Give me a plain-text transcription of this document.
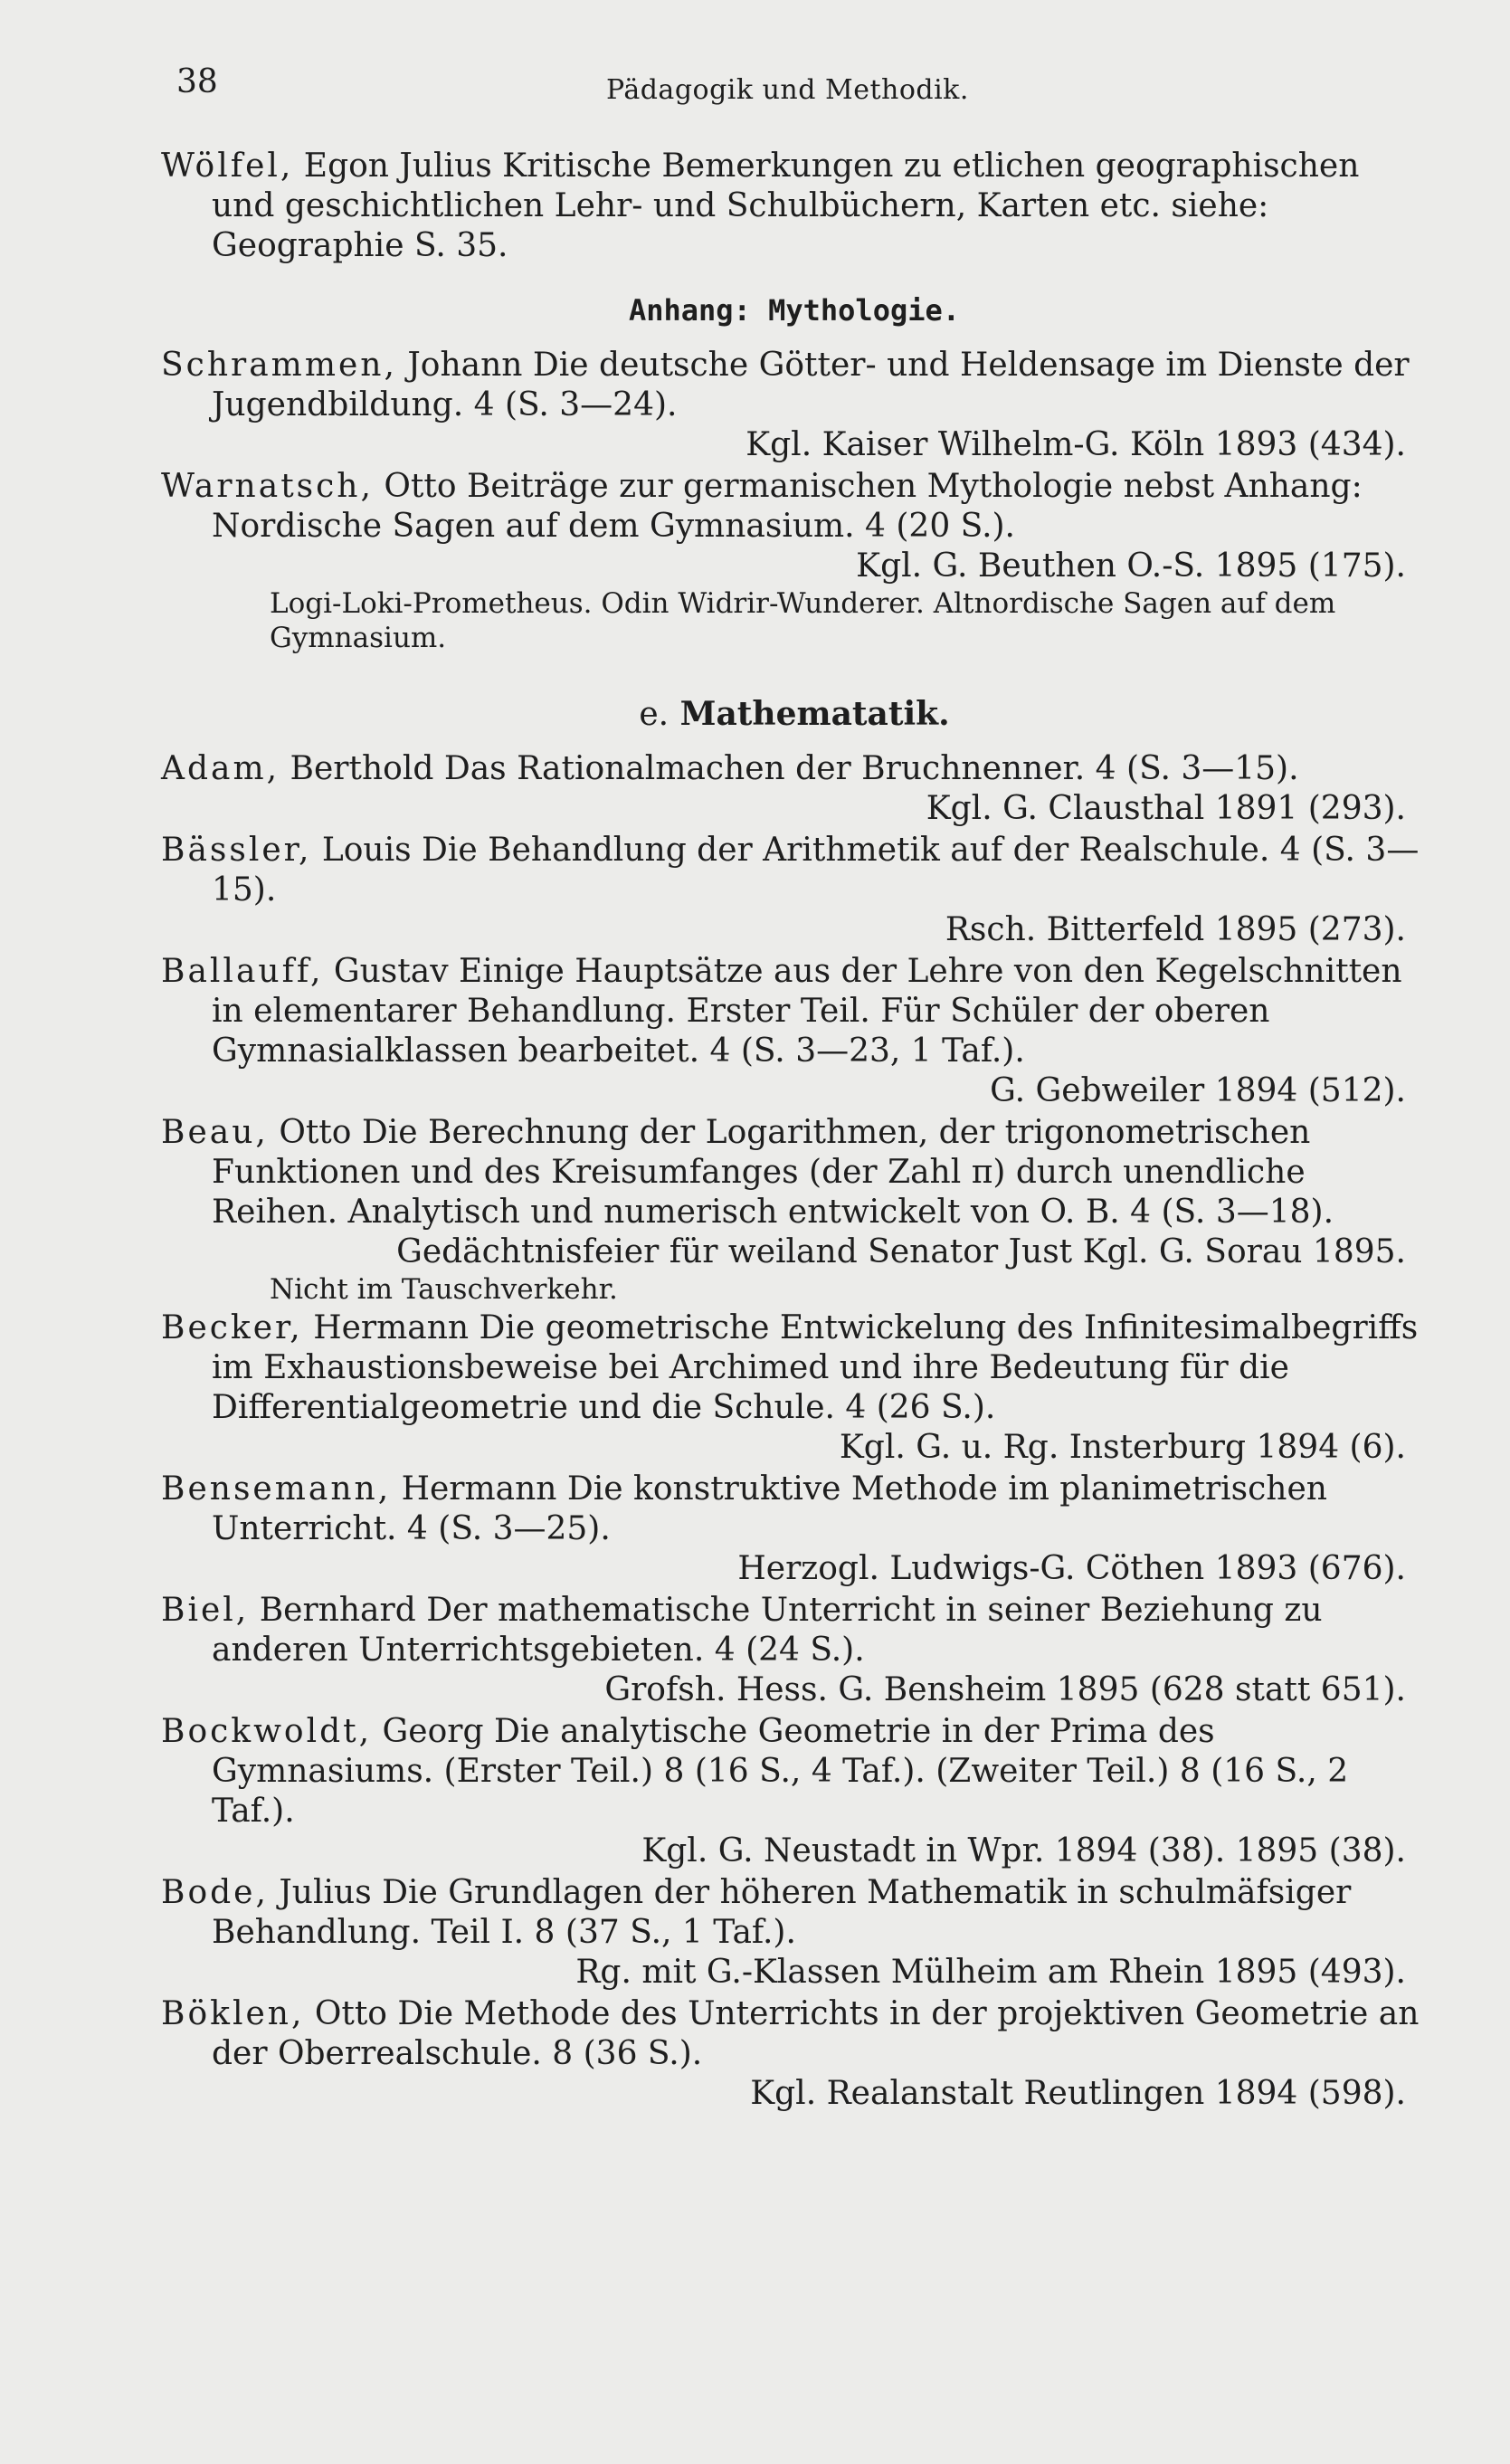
38	Pädagogik und Methodik.
Wölfel, Egon Julius Kritische Bemerkungen zu etlichen geographischen und geschichtlichen Lehr- und Schulbüchern, Karten etc. siehe: Geographie S. 35.
Anhang: Mythologie.
Schrammen, Johann Die deutsche Götter- und Heldensage im Dienste der Jugendbildung. 4 (S. 3—24).
Kgl. Kaiser Wilhelm-G. Köln 1893 (434).
Warnatsch, Otto Beiträge zur germanischen Mythologie nebst Anhang: Nordische Sagen auf dem Gymnasium. 4 (20 S.).
Kgl. G. Beuthen O.-S. 1895 (175).
Logi-Loki-Prometheus. Odin Widrir-Wunderer. Altnordische Sagen auf dem Gymnasium.
e. Mathematatik.
Adam, Berthold Das Rationalmachen der Bruchnenner. 4 (S. 3—15).
Kgl. G. Clausthal 1891 (293).
Bässler, Louis Die Behandlung der Arithmetik auf der Realschule. 4 (S. 3—15).
Rsch. Bitterfeld 1895 (273).
Ballauff, Gustav Einige Hauptsätze aus der Lehre von den Kegelschnitten in elementarer Behandlung. Erster Teil. Für Schüler der oberen Gymnasialklassen bearbeitet. 4 (S. 3—23, 1 Taf.).
G. Gebweiler 1894 (512).
Beau, Otto Die Berechnung der Logarithmen, der trigonometrischen Funktionen und des Kreisumfanges (der Zahl π) durch unendliche Reihen. Analytisch und numerisch entwickelt von O. B. 4 (S. 3—18).
Gedächtnisfeier für weiland Senator Just Kgl. G. Sorau 1895.
Nicht im Tauschverkehr.
Becker, Hermann Die geometrische Entwickelung des Infinitesimalbegriffs im Exhaustionsbeweise bei Archimed und ihre Bedeutung für die Differentialgeometrie und die Schule. 4 (26 S.).
Kgl. G. u. Rg. Insterburg 1894 (6).
Bensemann, Hermann Die konstruktive Methode im planimetrischen Unterricht. 4 (S. 3—25).
Herzogl. Ludwigs-G. Cöthen 1893 (676).
Biel, Bernhard Der mathematische Unterricht in seiner Beziehung zu anderen Unterrichtsgebieten. 4 (24 S.).
Grofsh. Hess. G. Bensheim 1895 (628 statt 651).
Bockwoldt, Georg Die analytische Geometrie in der Prima des Gymnasiums. (Erster Teil.) 8 (16 S., 4 Taf.). (Zweiter Teil.) 8 (16 S., 2 Taf.).
Kgl. G. Neustadt in Wpr. 1894 (38). 1895 (38).
Bode, Julius Die Grundlagen der höheren Mathematik in schulmäfsiger Behandlung. Teil I. 8 (37 S., 1 Taf.).
Rg. mit G.-Klassen Mülheim am Rhein 1895 (493).
Böklen, Otto Die Methode des Unterrichts in der projektiven Geometrie an der Oberrealschule. 8 (36 S.).
Kgl. Realanstalt Reutlingen 1894 (598).
